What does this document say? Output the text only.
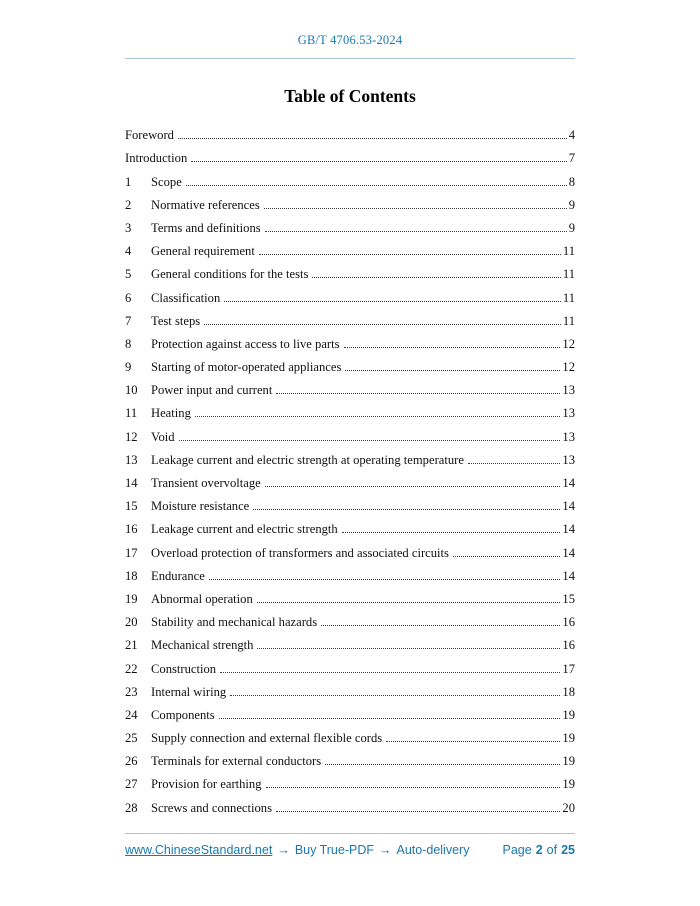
GB/T 4706.53-2024
Table of Contents
Foreword	4
Introduction	7
1	Scope	8
2	Normative references	9
3	Terms and definitions	9
4	General requirement	11
5	General conditions for the tests	11
6	Classification	11
7	Test steps	11
8	Protection against access to live parts	12
9	Starting of motor-operated appliances	12
10	Power input and current	13
11	Heating	13
12	Void	13
13	Leakage current and electric strength at operating temperature	13
14	Transient overvoltage	14
15	Moisture resistance	14
16	Leakage current and electric strength	14
17	Overload protection of transformers and associated circuits	14
18	Endurance	14
19	Abnormal operation	15
20	Stability and mechanical hazards	16
21	Mechanical strength	16
22	Construction	17
23	Internal wiring	18
24	Components	19
25	Supply connection and external flexible cords	19
26	Terminals for external conductors	19
27	Provision for earthing	19
28	Screws and connections	20
www.ChineseStandard.net → Buy True-PDF → Auto-delivery	Page 2 of 25
